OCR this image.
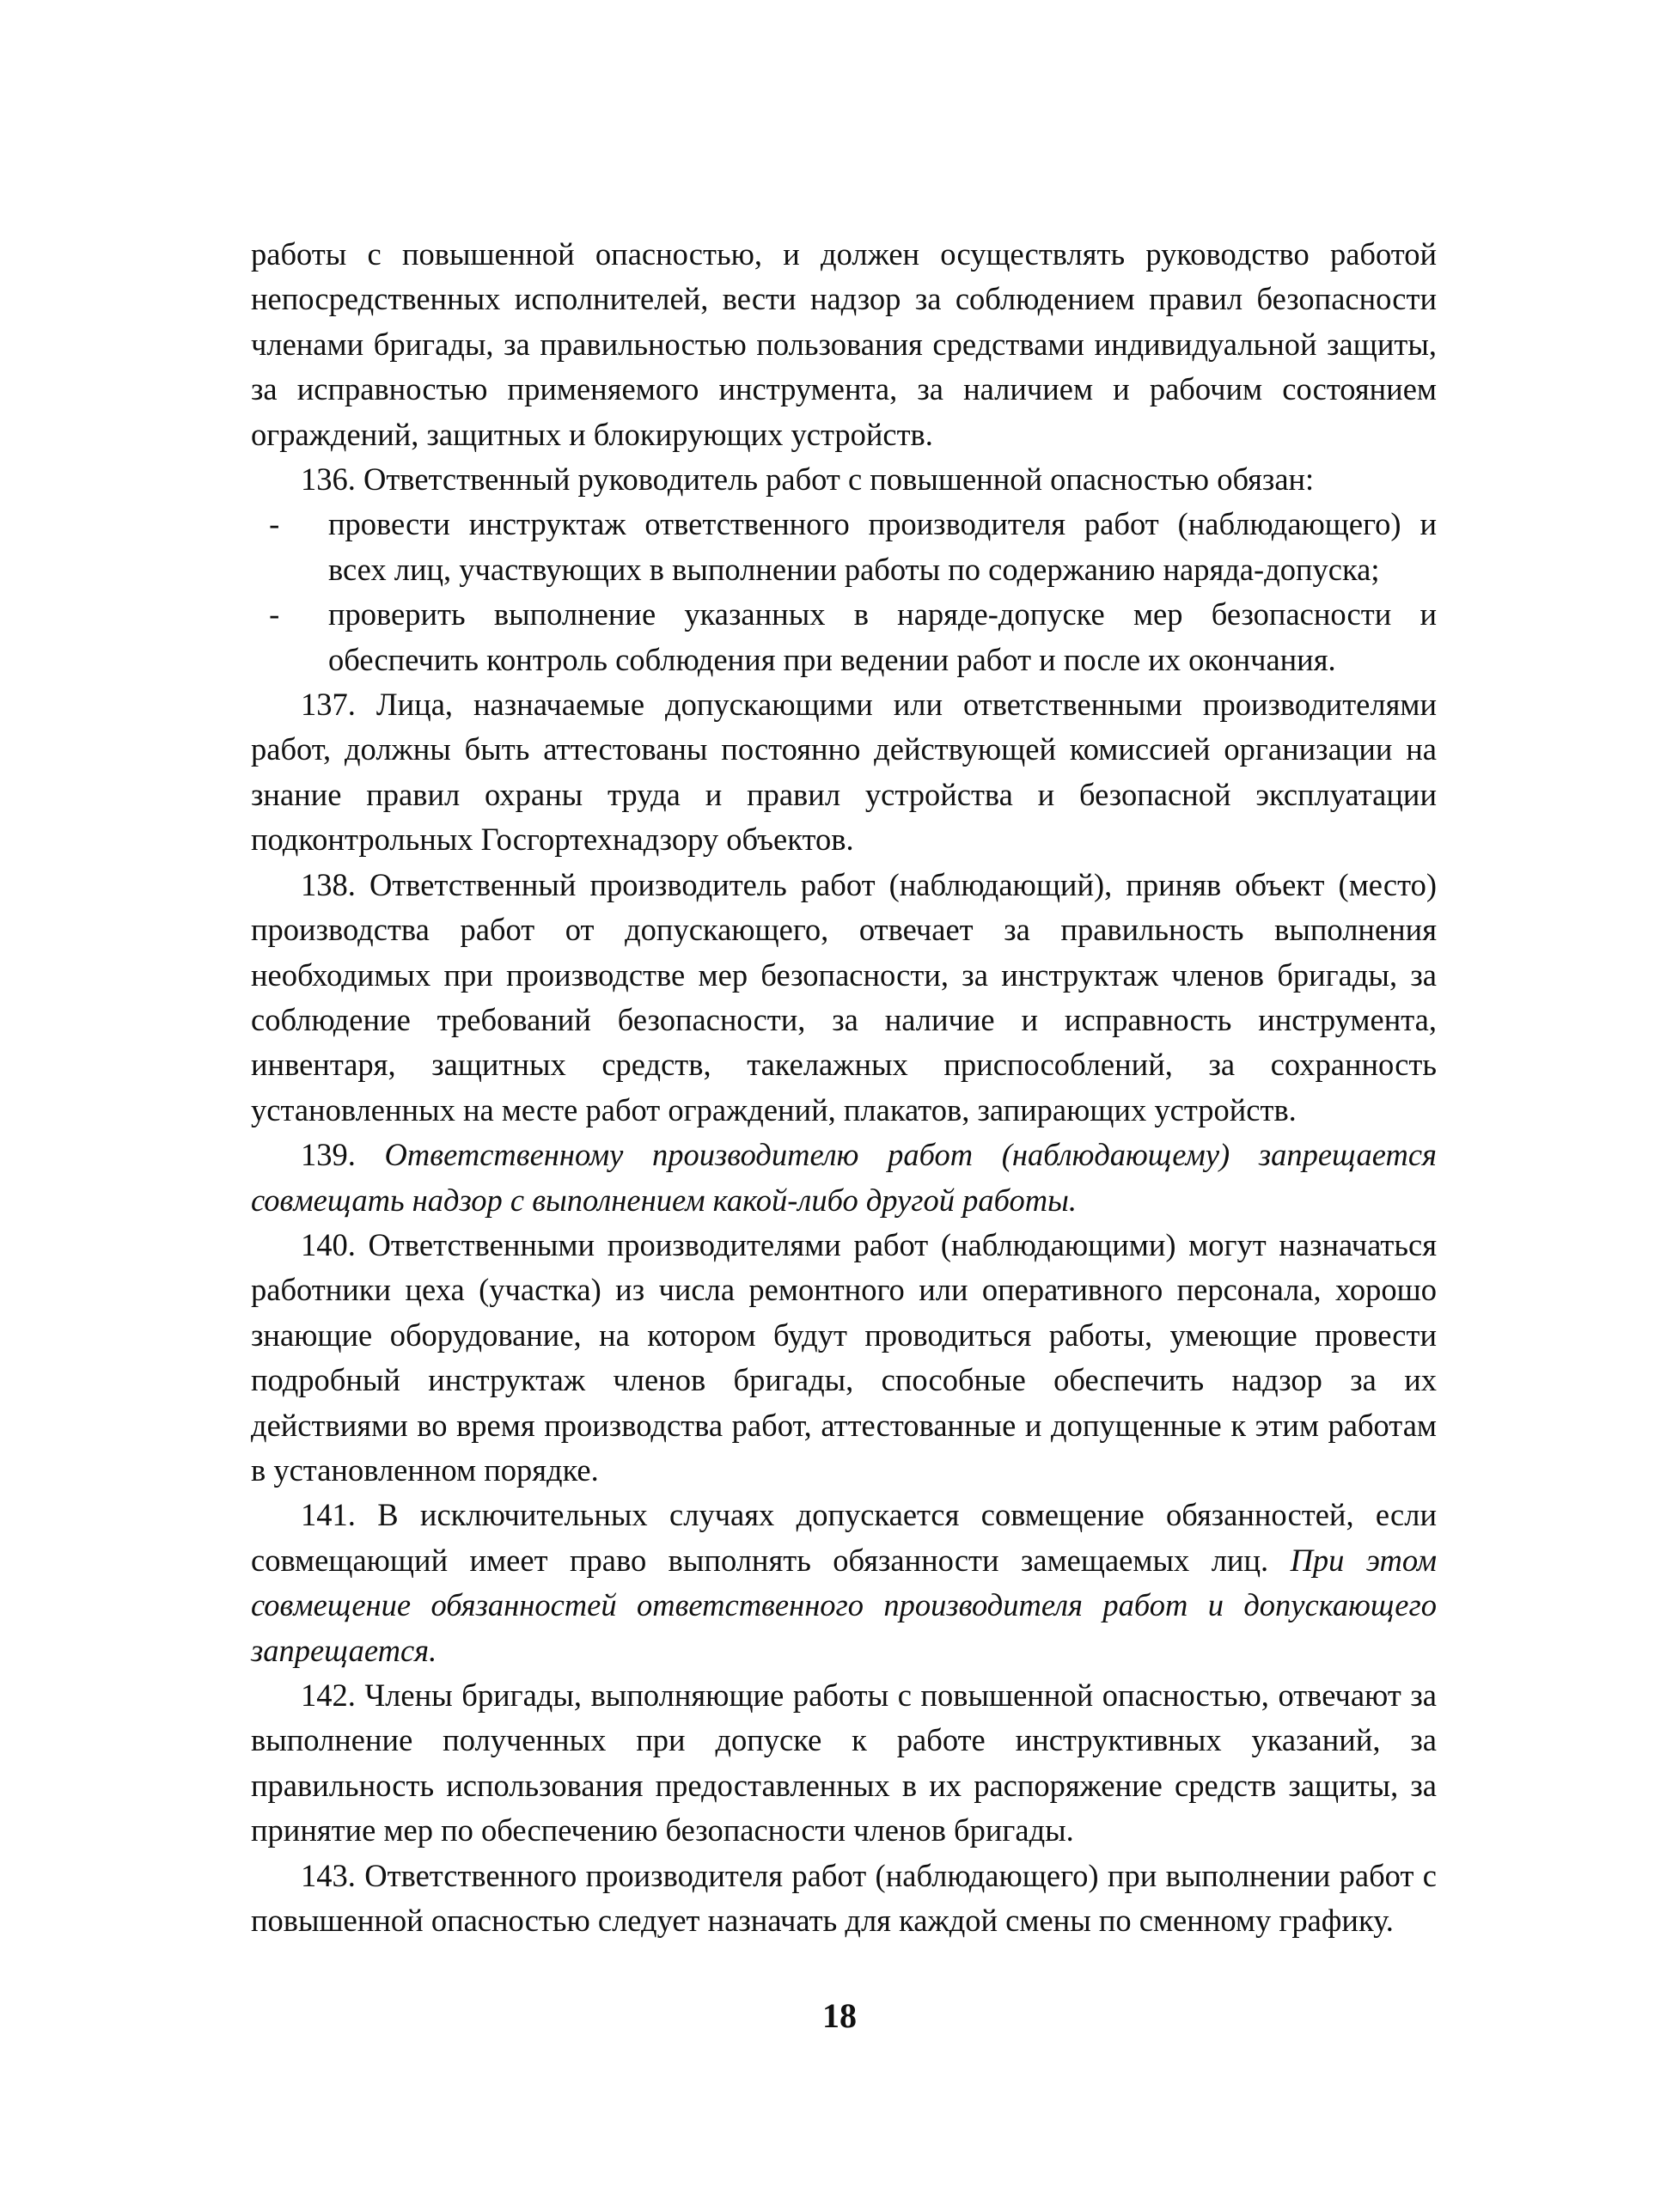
работы с повышенной опасностью, и должен осуществлять руководство работой непосредственных исполнителей, вести надзор за соблюдением правил безопасности членами бригады, за правильностью пользования средствами индивидуальной защиты, за исправностью применяемого инструмента, за наличием и рабочим состоянием ограждений, защитных и блокирующих устройств.

136. Ответственный руководитель работ с повышенной опасностью обязан:

-	провести инструктаж ответственного производителя работ (наблюдающего) и всех лиц, участвующих в выполнении работы по содержанию наряда-допуска;
-	проверить выполнение указанных в наряде-допуске мер безопасности и обеспечить контроль соблюдения при ведении работ и после их окончания.

137. Лица, назначаемые допускающими или ответственными производителями работ, должны быть аттестованы постоянно действующей комиссией организации на знание правил охраны труда и правил устройства и безопасной эксплуатации подконтрольных Госгортехнадзору объектов.

138. Ответственный производитель работ (наблюдающий), приняв объект (место) производства работ от допускающего, отвечает за правильность выполнения необходимых при производстве мер безопасности, за инструктаж членов бригады, за соблюдение требований безопасности, за наличие и исправность инструмента, инвентаря, защитных средств, такелажных приспособлений, за сохранность установленных на месте работ ограждений, плакатов, запирающих устройств.

139. Ответственному производителю работ (наблюдающему) запрещается совмещать надзор с выполнением какой-либо другой работы.

140. Ответственными производителями работ (наблюдающими) могут назначаться работники цеха (участка) из числа ремонтного или оперативного персонала, хорошо знающие оборудование, на котором будут проводиться работы, умеющие провести подробный инструктаж членов бригады, способные обеспечить надзор за их действиями во время производства работ, аттестованные и допущенные к этим работам в установленном порядке.

141. В исключительных случаях допускается совмещение обязанностей, если совмещающий имеет право выполнять обязанности замещаемых лиц. При этом совмещение обязанностей ответственного производителя работ и допускающего запрещается.

142. Члены бригады, выполняющие работы с повышенной опасностью, отвечают за выполнение полученных при допуске к работе инструктивных указаний, за правильность использования предоставленных в их распоряжение средств защиты, за принятие мер по обеспечению безопасности членов бригады.

143. Ответственного производителя работ (наблюдающего) при выполнении работ с повышенной опасностью следует назначать для каждой смены по сменному графику.

18
